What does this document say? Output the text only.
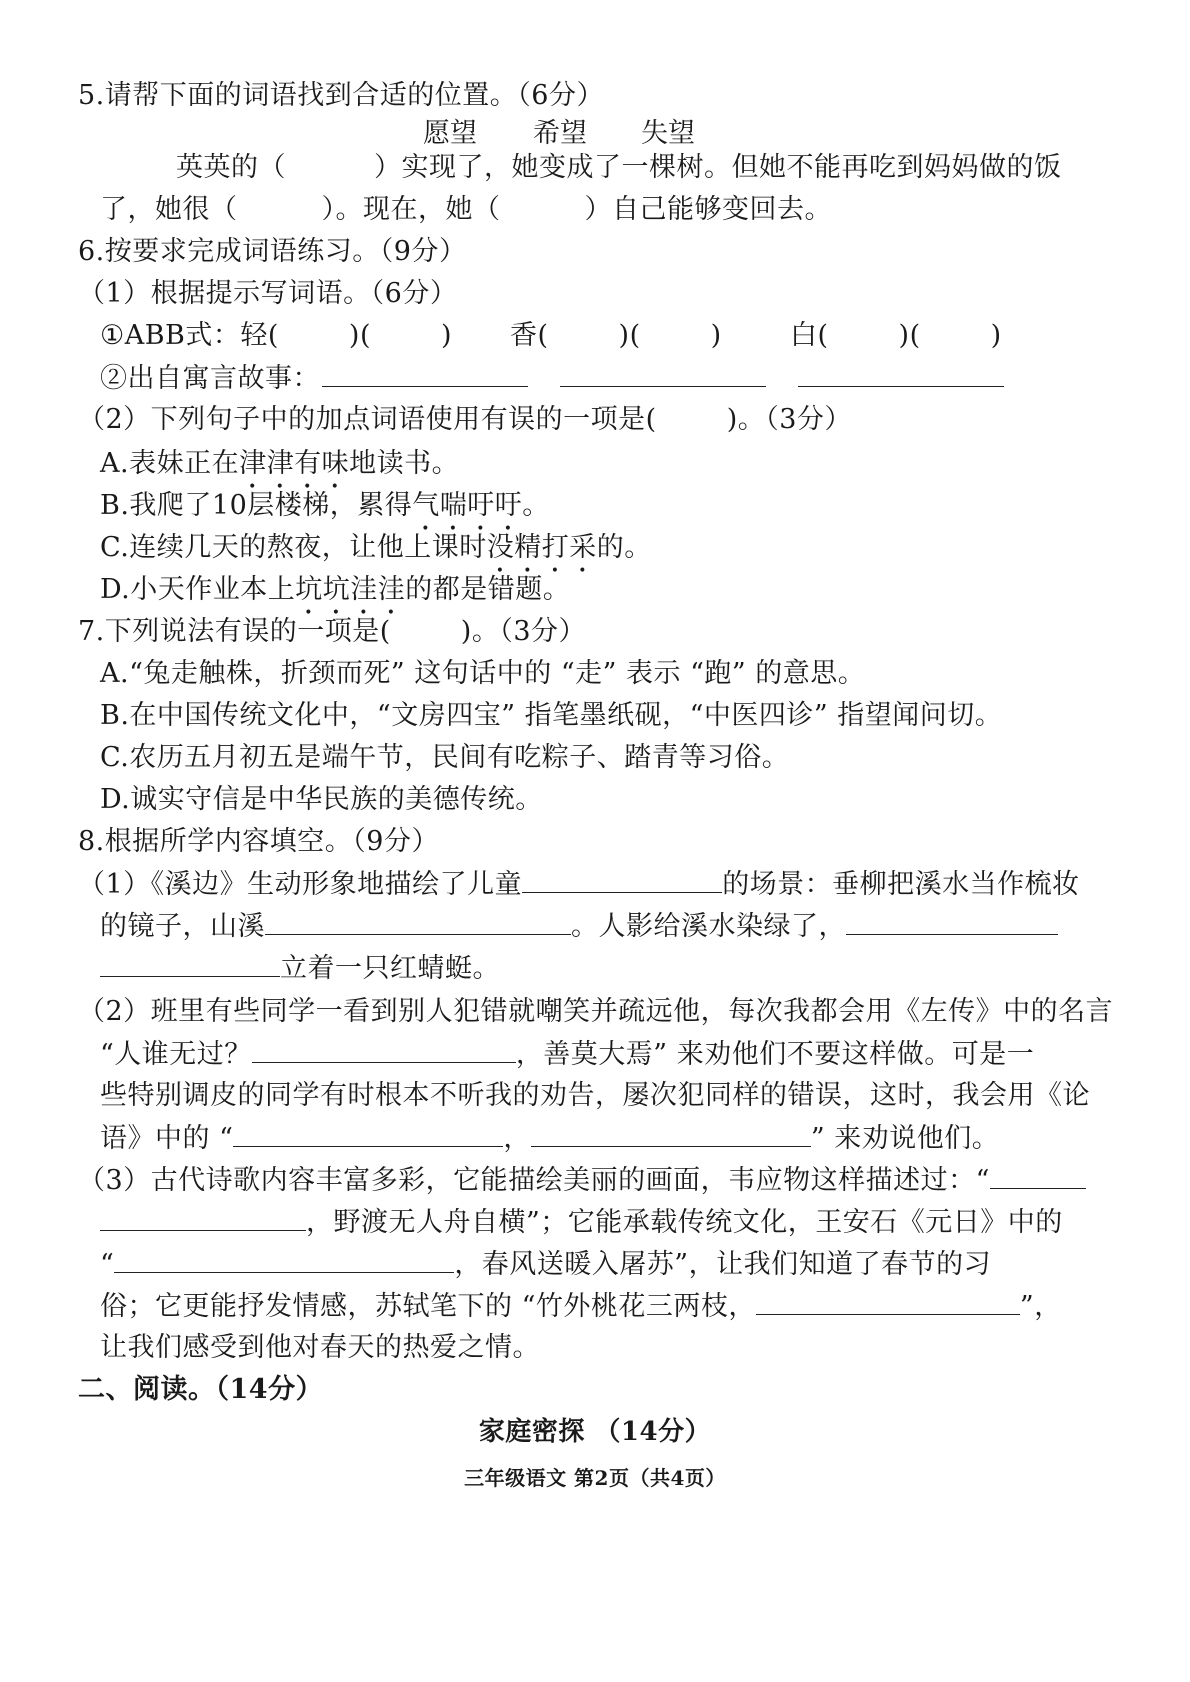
5.请帮下面的词语找到合适的位置。（6分）
愿望 希望 失望
英英的（	）实现了，她变成了一棵树。但她不能再吃到妈妈做的饭
了，她很（	）。现在，她（	）自己能够变回去。
6.按要求完成词语练习。（9分）
（1）根据提示写词语。（6分）
①ABB式：轻(	)(	) 香(	)(	)	白(	)(	)
②出自寓言故事：
（2）下列句子中的加点词语使用有误的一项是(	)。（3分）
A.表妹正在津津有味地读书。
B.我爬了10层楼梯，累得气喘吁吁。
C.连续几天的熬夜，让他上课时没精打采的。
D.小天作业本上坑坑洼洼的都是错题。
7.下列说法有误的一项是(	)。（3分）
A.“兔走触株，折颈而死” 这句话中的 “走” 表示 “跑” 的意思。
B.在中国传统文化中，“文房四宝” 指笔墨纸砚，“中医四诊” 指望闻问切。
C.农历五月初五是端午节，民间有吃粽子、踏青等习俗。
D.诚实守信是中华民族的美德传统。
8.根据所学内容填空。（9分）
（1）《溪边》生动形象地描绘了儿童	的场景：垂柳把溪水当作梳妆
的镜子，山溪	。人影给溪水染绿了，
立着一只红蜻蜓。
（2）班里有些同学一看到别人犯错就嘲笑并疏远他，每次我都会用《左传》中的名言
“人谁无过？	，善莫大焉” 来劝他们不要这样做。可是一
些特别调皮的同学有时根本不听我的劝告，屡次犯同样的错误，这时，我会用《论
语》中的 “	，	” 来劝说他们。
（3）古代诗歌内容丰富多彩，它能描绘美丽的画面，韦应物这样描述过：“
，野渡无人舟自横”；它能承载传统文化，王安石《元日》中的
“	，春风送暖入屠苏”，让我们知道了春节的习
俗；它更能抒发情感，苏轼笔下的 “竹外桃花三两枝，	”，
让我们感受到他对春天的热爱之情。
二、阅读。（14分）
家庭密探 （14分）
三年级语文 第2页（共4页）
